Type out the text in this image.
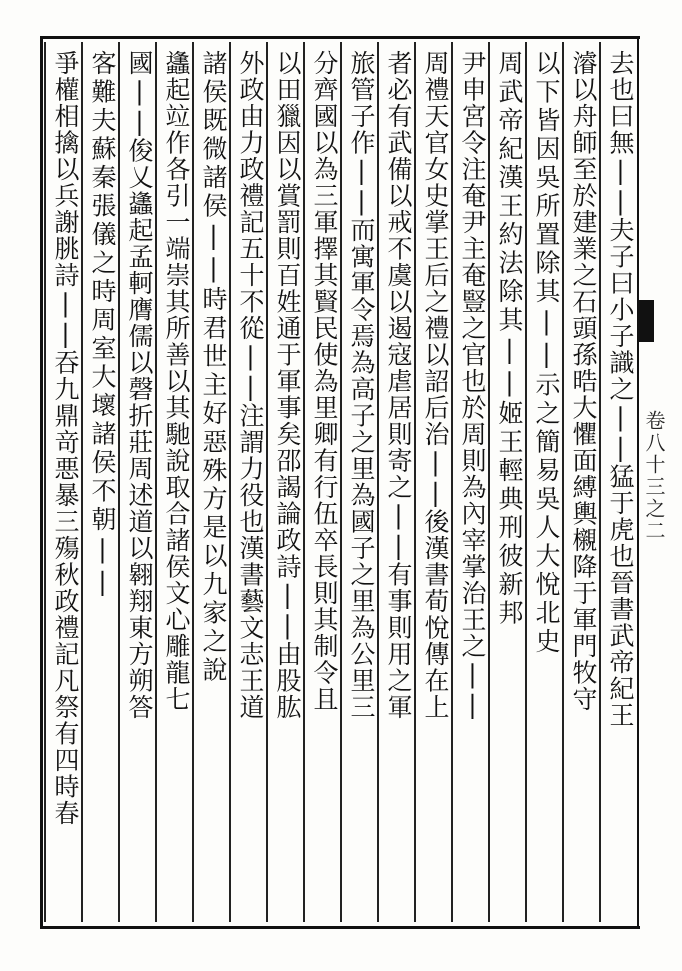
卷八十三之二
去也曰無||夫子曰小子識之||猛于虎也晉書武帝紀王
濬以舟師至於建業之石頭孫晧大懼面縛輿櫬降于軍門牧守
以下皆因吳所置除其||示之簡易吳人大悅北史
周武帝紀漢王約法除其||姬王輕典刑彼新邦
尹申宮令注奄尹主奄豎之官也於周則為內宰掌治王之||
周禮天官女史掌王后之禮以詔后治||後漢書荀悅傳在上
者必有武備以戒不虞以遏寇虐居則寄之||有事則用之軍
旅管子作||而寓軍令焉為高子之里為國子之里為公里三
分齊國以為三軍擇其賢民使為里卿有行伍卒長則其制令且
以田獵因以賞罰則百姓通于軍事矣邵謁論政詩||由股肱
外政由力政禮記五十不從||注謂力役也漢書藝文志王道
諸侯既微諸侯||時君世主好惡殊方是以九家之說
蠭起竝作各引一端崇其所善以其馳說取合諸侯文心雕龍七
國||俊乂蠭起孟軻膺儒以磬折莊周述道以翱翔東方朔答
客難夫蘇秦張儀之時周室大壞諸侯不朝||
爭權相擒以兵謝朓詩||吞九鼎竒悪暴三殤秋政禮記凡祭有四時春
